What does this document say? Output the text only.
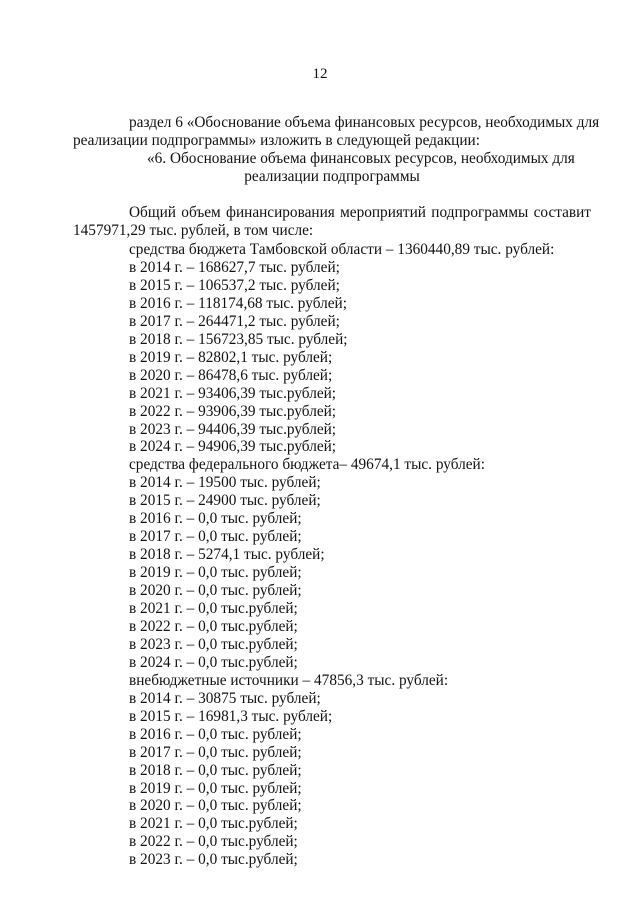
12
раздел 6 «Обоснование объема финансовых ресурсов, необходимых для
реализации подпрограммы» изложить в следующей редакции:
«6. Обоснование объема финансовых ресурсов, необходимых для
реализации подпрограммы
Общий объем финансирования мероприятий подпрограммы составит
1457971,29 тыс. рублей, в том числе:
средства бюджета Тамбовской области – 1360440,89 тыс. рублей:
в 2014 г. – 168627,7 тыс. рублей;
в 2015 г. – 106537,2 тыс. рублей;
в 2016 г. – 118174,68 тыс. рублей;
в 2017 г. – 264471,2 тыс. рублей;
в 2018 г. – 156723,85 тыс. рублей;
в 2019 г. – 82802,1 тыс. рублей;
в 2020 г. – 86478,6 тыс. рублей;
в 2021 г. – 93406,39 тыс.рублей;
в 2022 г. – 93906,39 тыс.рублей;
в 2023 г. – 94406,39 тыс.рублей;
в 2024 г. – 94906,39 тыс.рублей;
средства федерального бюджета– 49674,1 тыс. рублей:
в 2014 г. – 19500 тыс. рублей;
в 2015 г. – 24900 тыс. рублей;
в 2016 г. – 0,0 тыс. рублей;
в 2017 г. – 0,0 тыс. рублей;
в 2018 г. – 5274,1 тыс. рублей;
в 2019 г. – 0,0 тыс. рублей;
в 2020 г. – 0,0 тыс. рублей;
в 2021 г. – 0,0 тыс.рублей;
в 2022 г. – 0,0 тыс.рублей;
в 2023 г. – 0,0 тыс.рублей;
в 2024 г. – 0,0 тыс.рублей;
внебюджетные источники – 47856,3 тыс. рублей:
в 2014 г. – 30875 тыс. рублей;
в 2015 г. – 16981,3 тыс. рублей;
в 2016 г. – 0,0 тыс. рублей;
в 2017 г. – 0,0 тыс. рублей;
в 2018 г. – 0,0 тыс. рублей;
в 2019 г. – 0,0 тыс. рублей;
в 2020 г. – 0,0 тыс. рублей;
в 2021 г. – 0,0 тыс.рублей;
в 2022 г. – 0,0 тыс.рублей;
в 2023 г. – 0,0 тыс.рублей;
